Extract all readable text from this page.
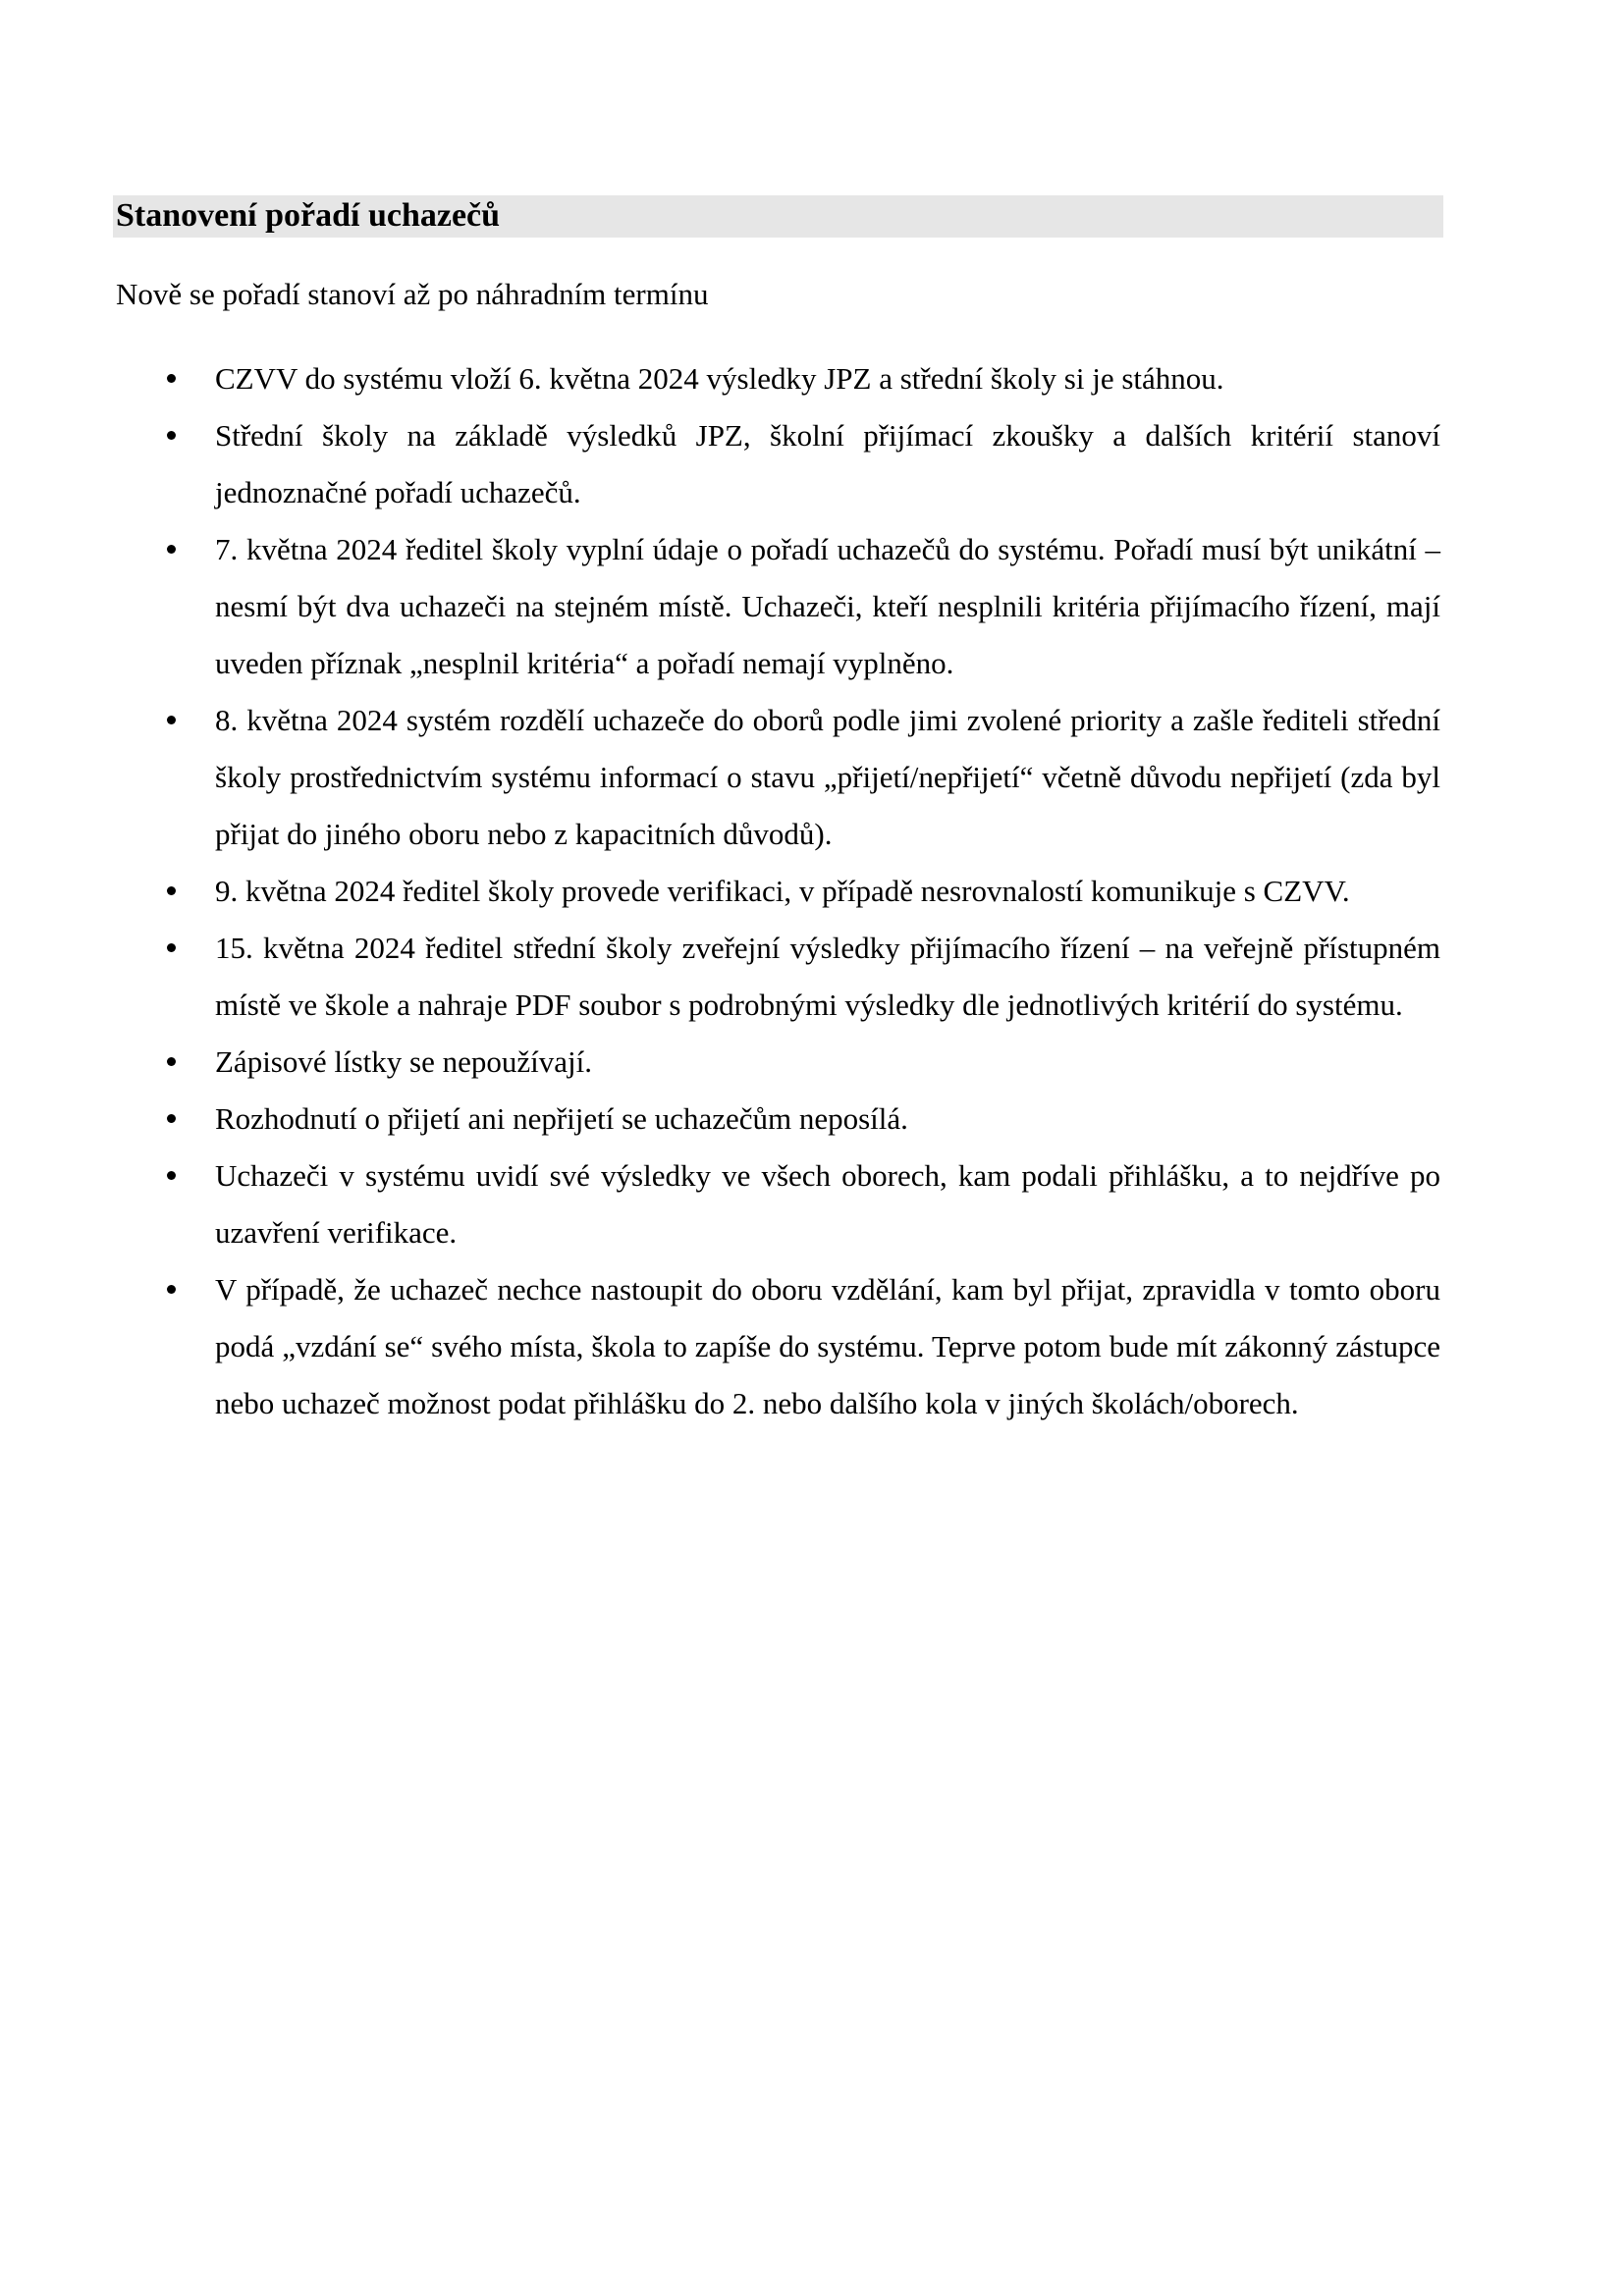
Stanovení pořadí uchazečů

Nově se pořadí stanoví až po náhradním termínu

CZVV do systému vloží 6. května 2024 výsledky JPZ a střední školy si je stáhnou.
Střední školy na základě výsledků JPZ, školní přijímací zkoušky a dalších kritérií stanoví jednoznačné pořadí uchazečů.
7. května 2024 ředitel školy vyplní údaje o pořadí uchazečů do systému. Pořadí musí být unikátní – nesmí být dva uchazeči na stejném místě. Uchazeči, kteří nesplnili kritéria přijímacího řízení, mají uveden příznak „nesplnil kritéria“ a pořadí nemají vyplněno.
8. května 2024 systém rozdělí uchazeče do oborů podle jimi zvolené priority a zašle řediteli střední školy prostřednictvím systému informací o stavu „přijetí/nepřijetí“ včetně důvodu nepřijetí (zda byl přijat do jiného oboru nebo z kapacitních důvodů).
9. května 2024 ředitel školy provede verifikaci, v případě nesrovnalostí komunikuje s CZVV.
15. května 2024 ředitel střední školy zveřejní výsledky přijímacího řízení – na veřejně přístupném místě ve škole a nahraje PDF soubor s podrobnými výsledky dle jednotlivých kritérií do systému.
Zápisové lístky se nepoužívají.
Rozhodnutí o přijetí ani nepřijetí se uchazečům neposílá.
Uchazeči v systému uvidí své výsledky ve všech oborech, kam podali přihlášku, a to nejdříve po uzavření verifikace.
V případě, že uchazeč nechce nastoupit do oboru vzdělání, kam byl přijat, zpravidla v tomto oboru podá „vzdání se“ svého místa, škola to zapíše do systému. Teprve potom bude mít zákonný zástupce nebo uchazeč možnost podat přihlášku do 2. nebo dalšího kola v jiných školách/oborech.
